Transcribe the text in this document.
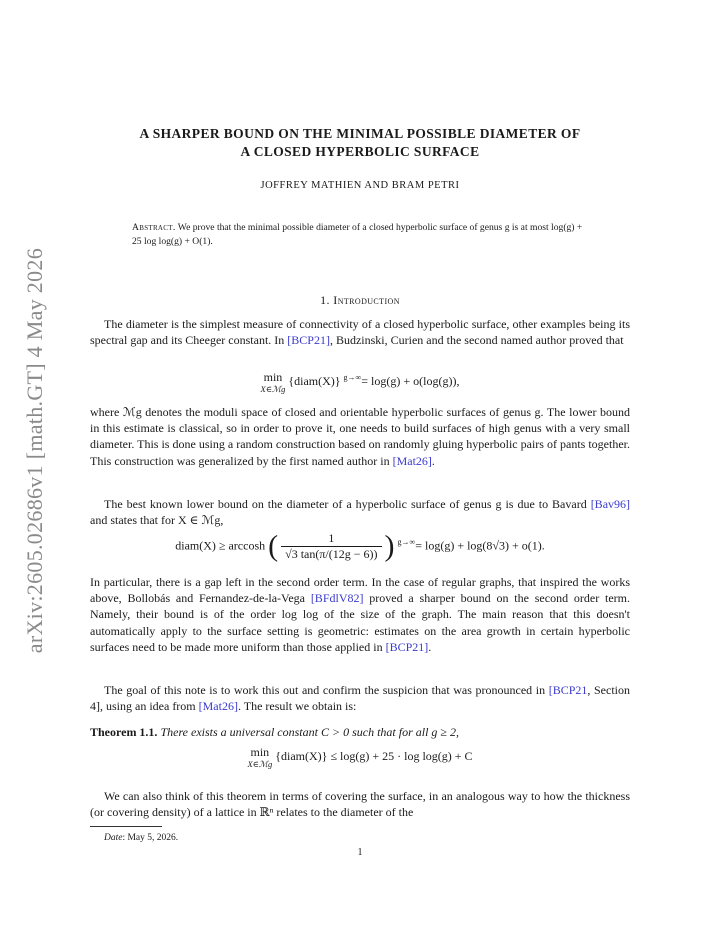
arXiv:2605.02686v1 [math.GT] 4 May 2026
A SHARPER BOUND ON THE MINIMAL POSSIBLE DIAMETER OF
A CLOSED HYPERBOLIC SURFACE
JOFFREY MATHIEN AND BRAM PETRI
Abstract. We prove that the minimal possible diameter of a closed hyperbolic surface of genus g is at most log(g) + 25 log log(g) + O(1).
1. Introduction

The diameter is the simplest measure of connectivity of a closed hyperbolic surface, other examples being its spectral gap and its Cheeger constant. In [BCP21], Budzinski, Curien and the second named author proved that

min
X∈ℳg
{diam(X)} $^{g\to\infty}$= log(g) + o(log(g)),

where ℳg denotes the moduli space of closed and orientable hyperbolic surfaces of genus g. The lower bound in this estimate is classical, so in order to prove it, one needs to build surfaces of high genus with a very small diameter. This is done using a random construction based on randomly gluing hyperbolic pairs of pants together. This construction was generalized by the first named author in [Mat26].

The best known lower bound on the diameter of a hyperbolic surface of genus g is due to Bavard [Bav96] and states that for X ∈ ℳg,

diam(X) ≥ arccosh ( $\frac{1}{√3 \tan(\pi/(12g - 6))}$ ) $^{g\to\infty}$= log(g) + log(8√3) + o(1).

In particular, there is a gap left in the second order term. In the case of regular graphs, that inspired the works above, Bollobás and Fernandez-de-la-Vega [BFdlV82] proved a sharper bound on the second order term. Namely, their bound is of the order log log of the size of the graph. The main reason that this doesn't automatically apply to the surface setting is geometric: estimates on the area growth in certain hyperbolic surfaces need to be made more uniform than those applied in [BCP21].

The goal of this note is to work this out and confirm the suspicion that was pronounced in [BCP21, Section 4], using an idea from [Mat26]. The result we obtain is:

Theorem 1.1. There exists a universal constant C > 0 such that for all g ≥ 2,

min
X∈ℳg
{diam(X)} ≤ log(g) + 25 · log log(g) + C

We can also think of this theorem in terms of covering the surface, in an analogous way to how the thickness (or covering density) of a lattice in ℝⁿ relates to the diameter of the

Date: May 5, 2026.
1
